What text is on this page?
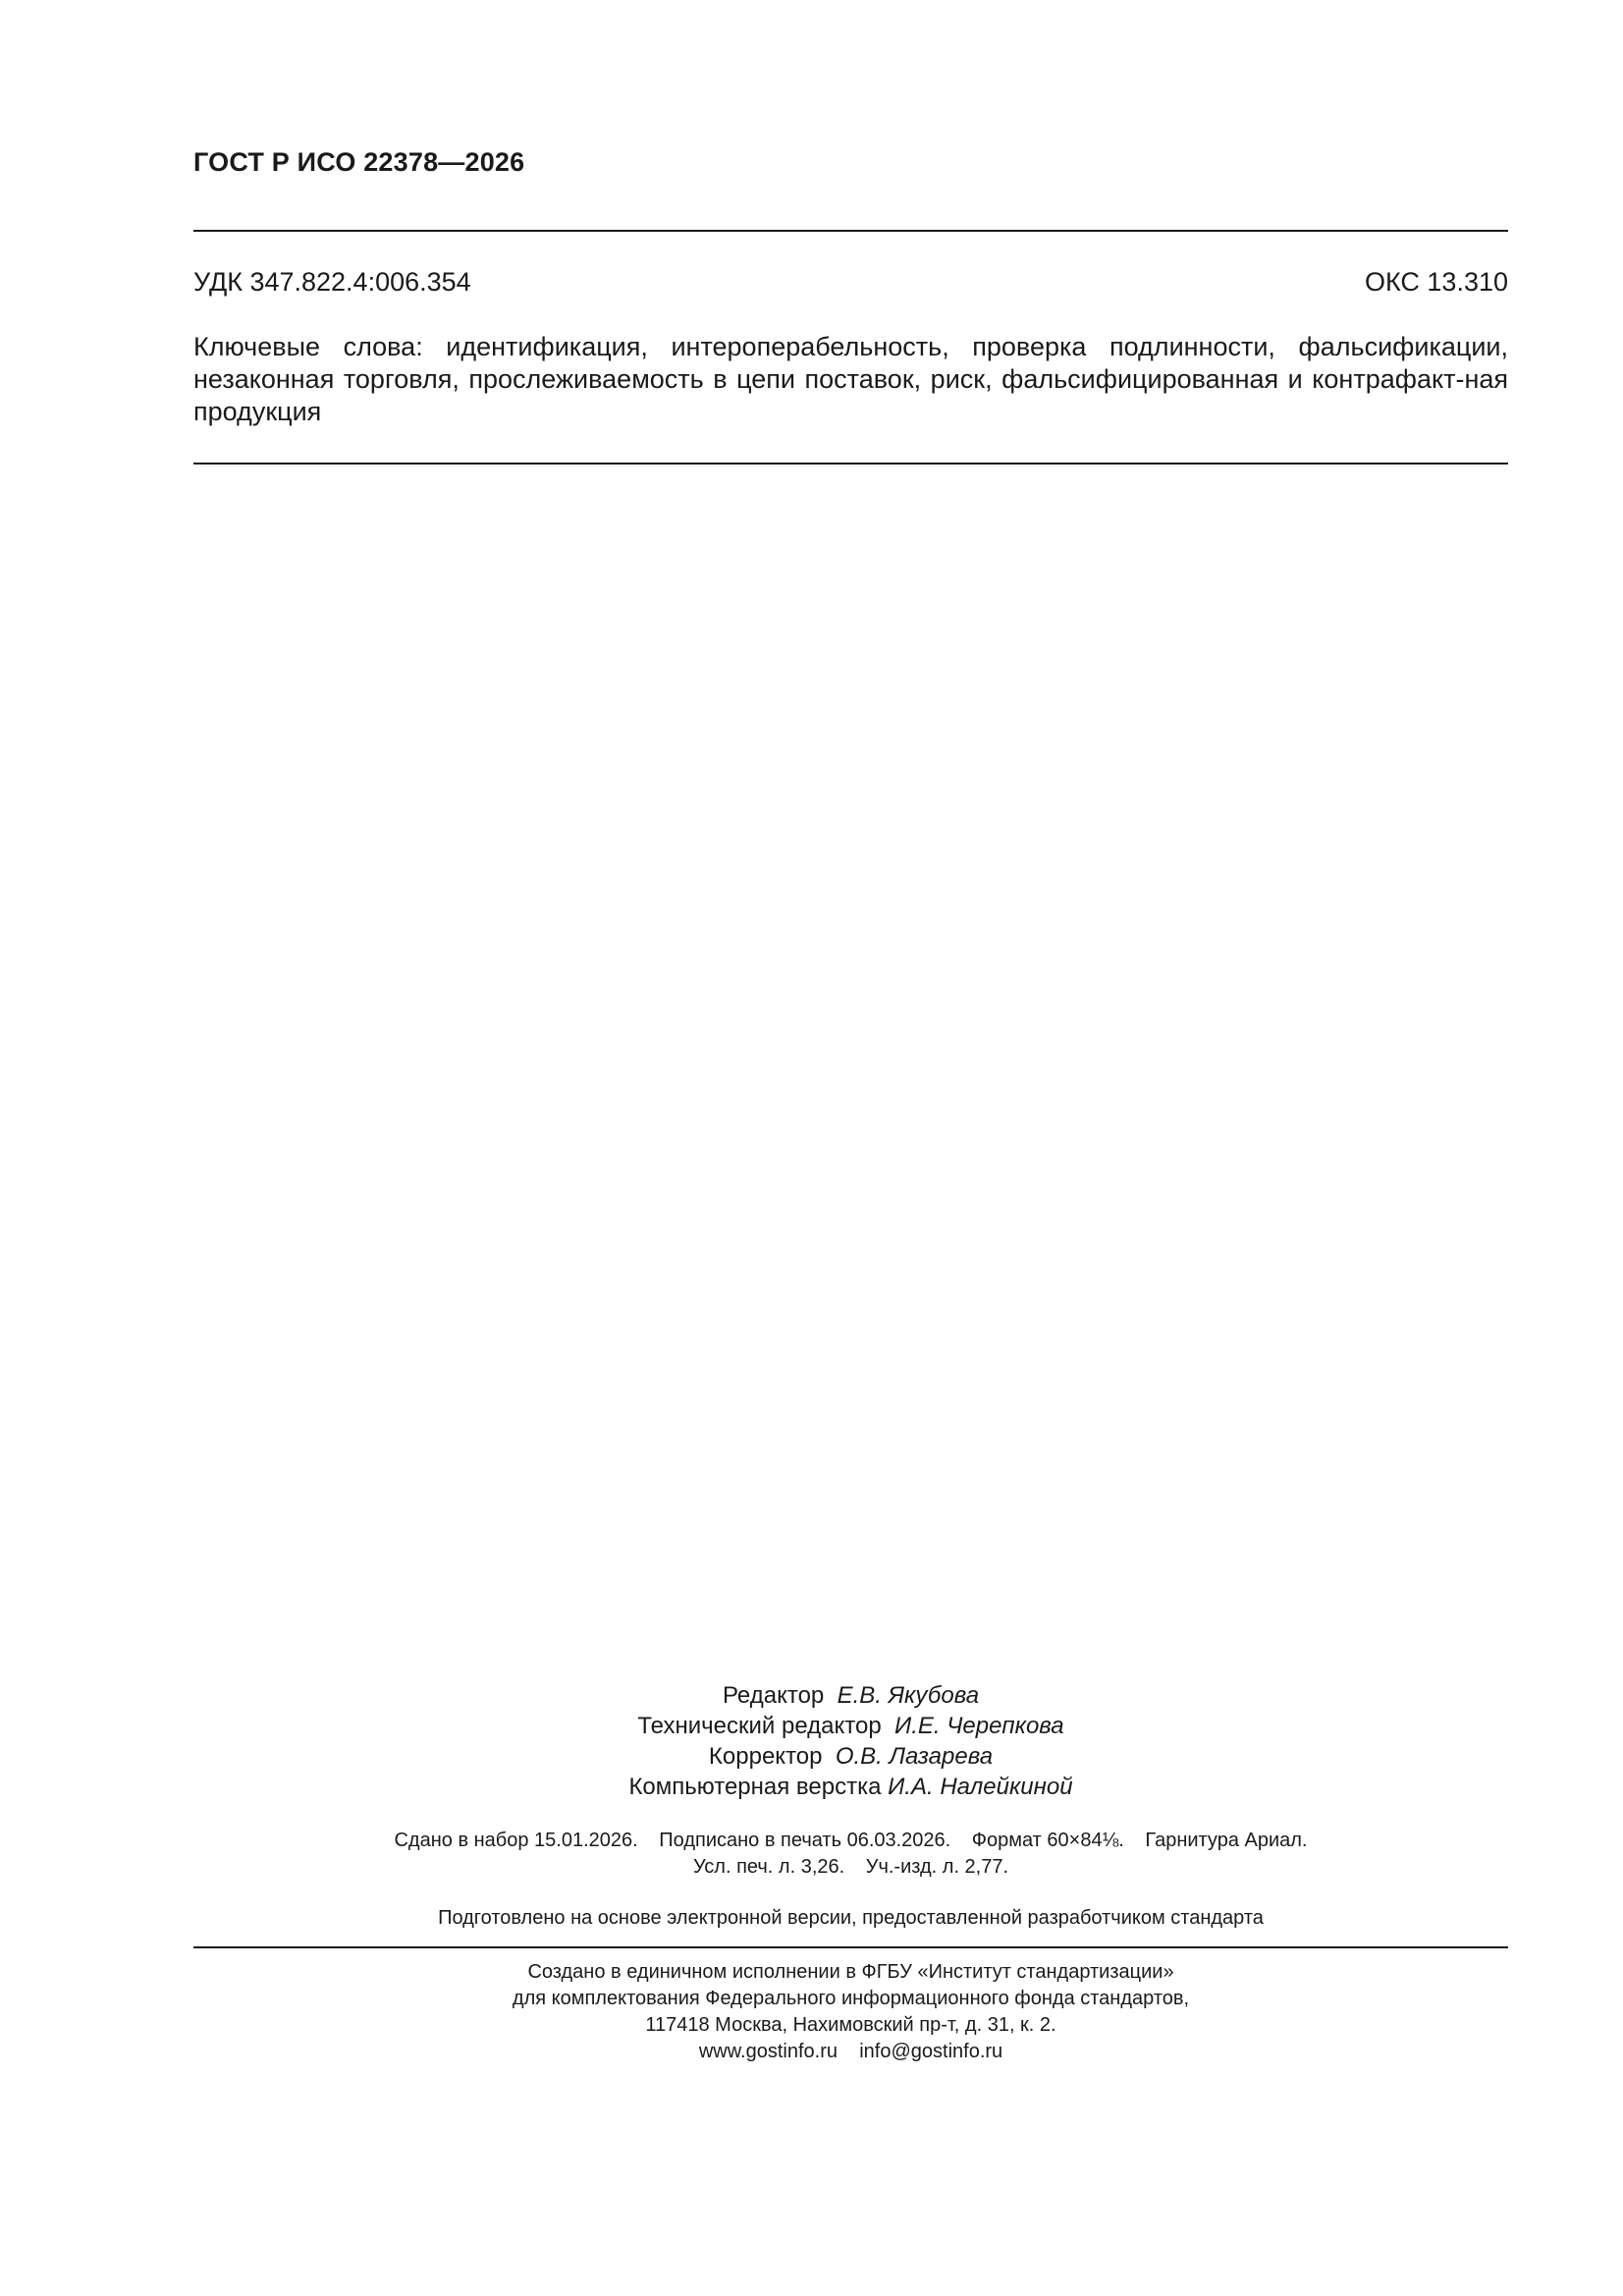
ГОСТ Р ИСО 22378—2026
УДК 347.822.4:006.354	ОКС 13.310
Ключевые слова: идентификация, интероперабельность, проверка подлинности, фальсификации, незаконная торговля, прослеживаемость в цепи поставок, риск, фальсифицированная и контрафакт-ная продукция
Редактор Е.В. Якубова
Технический редактор И.Е. Черепкова
Корректор О.В. Лазарева
Компьютерная верстка И.А. Налейкиной
Сдано в набор 15.01.2026. Подписано в печать 06.03.2026. Формат 60×84⅛. Гарнитура Ариал.
Усл. печ. л. 3,26. Уч.-изд. л. 2,77.
Подготовлено на основе электронной версии, предоставленной разработчиком стандарта
Создано в единичном исполнении в ФГБУ «Институт стандартизации»
для комплектования Федерального информационного фонда стандартов,
117418 Москва, Нахимовский пр-т, д. 31, к. 2.
www.gostinfo.ru info@gostinfo.ru
